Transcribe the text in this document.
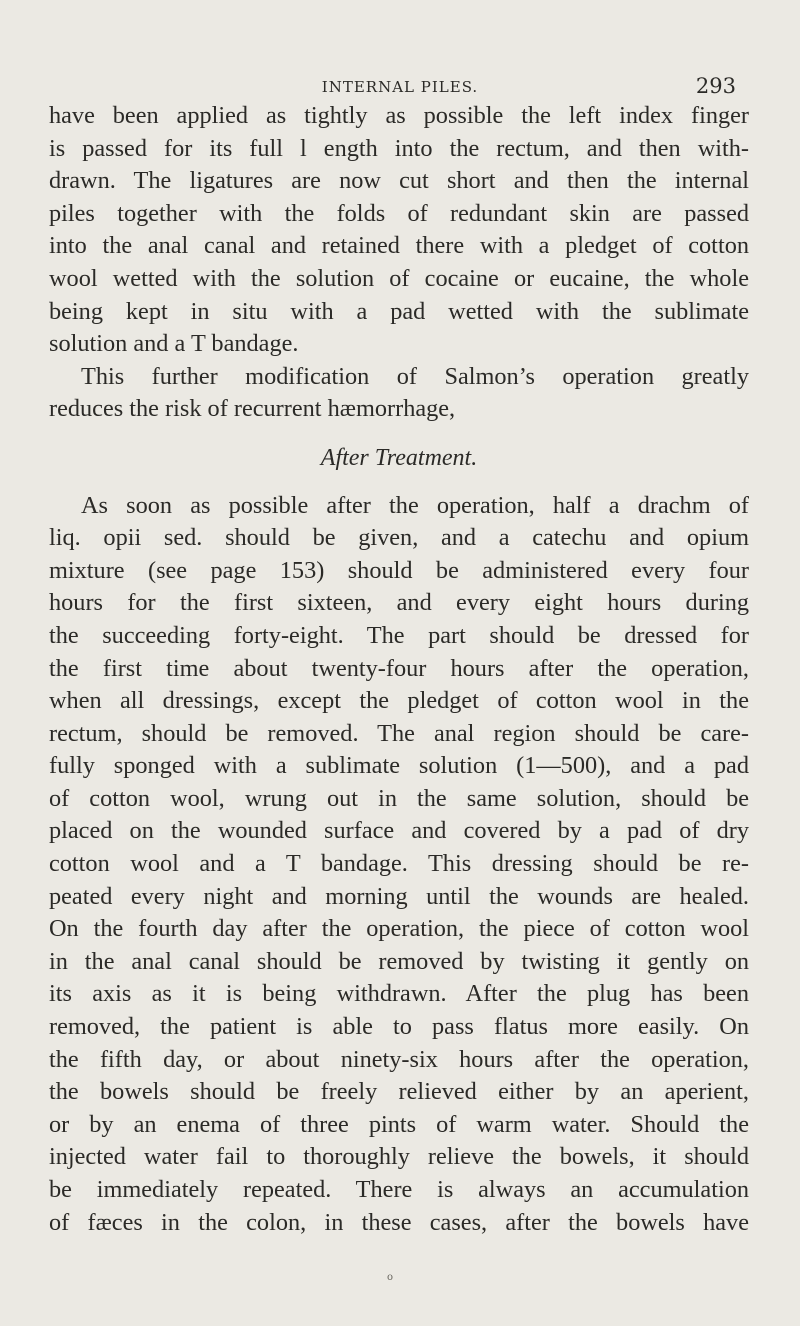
INTERNAL PILES.	293
have been applied as tightly as possible the left index finger
is passed for its full l ength into the rectum, and then with-
drawn. The ligatures are now cut short and then the internal
piles together with the folds of redundant skin are passed
into the anal canal and retained there with a pledget of cotton
wool wetted with the solution of cocaine or eucaine, the whole
being kept in situ with a pad wetted with the sublimate
solution and a T bandage.
This further modification of Salmon’s operation greatly
reduces the risk of recurrent hæmorrhage,
After Treatment.
As soon as possible after the operation, half a drachm of
liq. opii sed. should be given, and a catechu and opium
mixture (see page 153) should be administered every four
hours for the first sixteen, and every eight hours during
the succeeding forty-eight. The part should be dressed for
the first time about twenty-four hours after the operation,
when all dressings, except the pledget of cotton wool in the
rectum, should be removed. The anal region should be care-
fully sponged with a sublimate solution (1—500), and a pad
of cotton wool, wrung out in the same solution, should be
placed on the wounded surface and covered by a pad of dry
cotton wool and a T bandage. This dressing should be re-
peated every night and morning until the wounds are healed.
On the fourth day after the operation, the piece of cotton wool
in the anal canal should be removed by twisting it gently on
its axis as it is being withdrawn. After the plug has been
removed, the patient is able to pass flatus more easily. On
the fifth day, or about ninety-six hours after the operation,
the bowels should be freely relieved either by an aperient,
or by an enema of three pints of warm water. Should the
injected water fail to thoroughly relieve the bowels, it should
be immediately repeated. There is always an accumulation
of fæces in the colon, in these cases, after the bowels have
o
